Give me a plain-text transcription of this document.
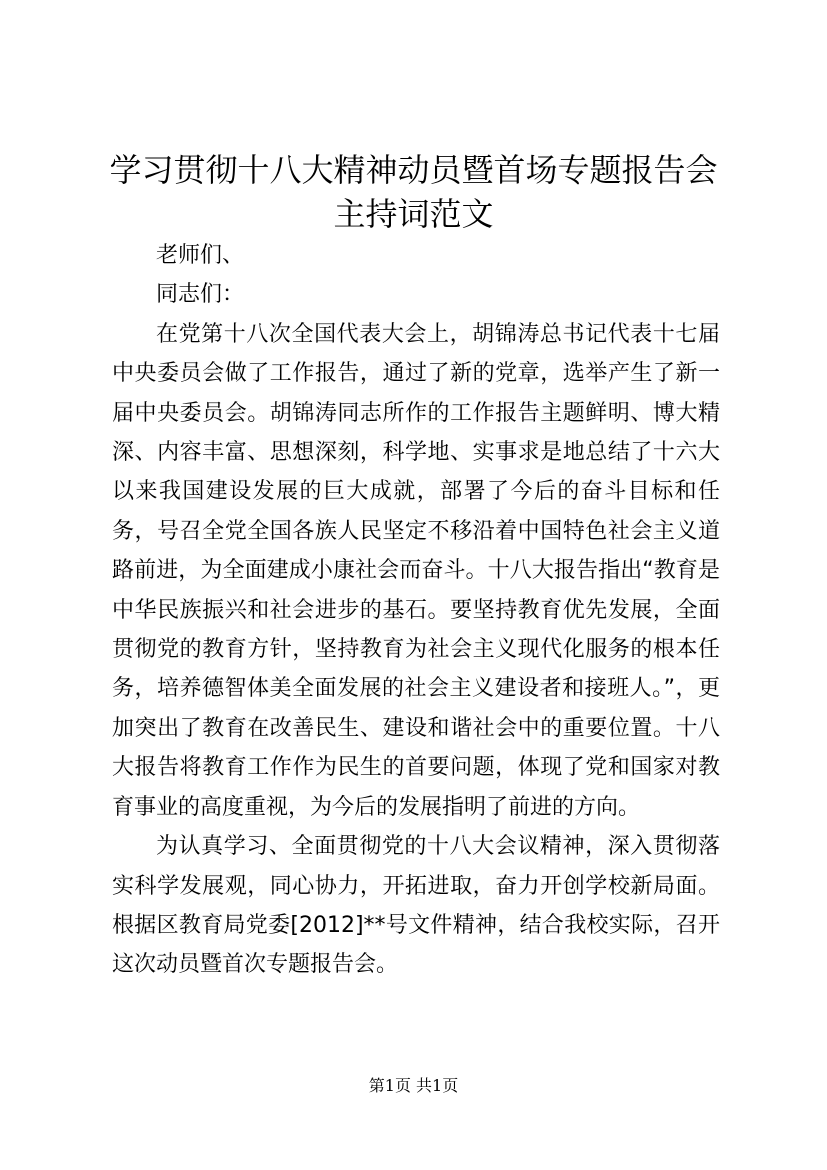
学习贯彻十八大精神动员暨首场专题报告会主持词范文

老师们、

同志们：

在党第十八次全国代表大会上，胡锦涛总书记代表十七届中央委员会做了工作报告，通过了新的党章，选举产生了新一届中央委员会。胡锦涛同志所作的工作报告主题鲜明、博大精深、内容丰富、思想深刻，科学地、实事求是地总结了十六大以来我国建设发展的巨大成就，部署了今后的奋斗目标和任务，号召全党全国各族人民坚定不移沿着中国特色社会主义道路前进，为全面建成小康社会而奋斗。十八大报告指出“教育是中华民族振兴和社会进步的基石。要坚持教育优先发展，全面贯彻党的教育方针，坚持教育为社会主义现代化服务的根本任务，培养德智体美全面发展的社会主义建设者和接班人。”，更加突出了教育在改善民生、建设和谐社会中的重要位置。十八大报告将教育工作作为民生的首要问题，体现了党和国家对教育事业的高度重视，为今后的发展指明了前进的方向。

为认真学习、全面贯彻党的十八大会议精神，深入贯彻落实科学发展观，同心协力，开拓进取，奋力开创学校新局面。根据区教育局党委[2012]**号文件精神，结合我校实际，召开这次动员暨首次专题报告会。

第1页 共1页
